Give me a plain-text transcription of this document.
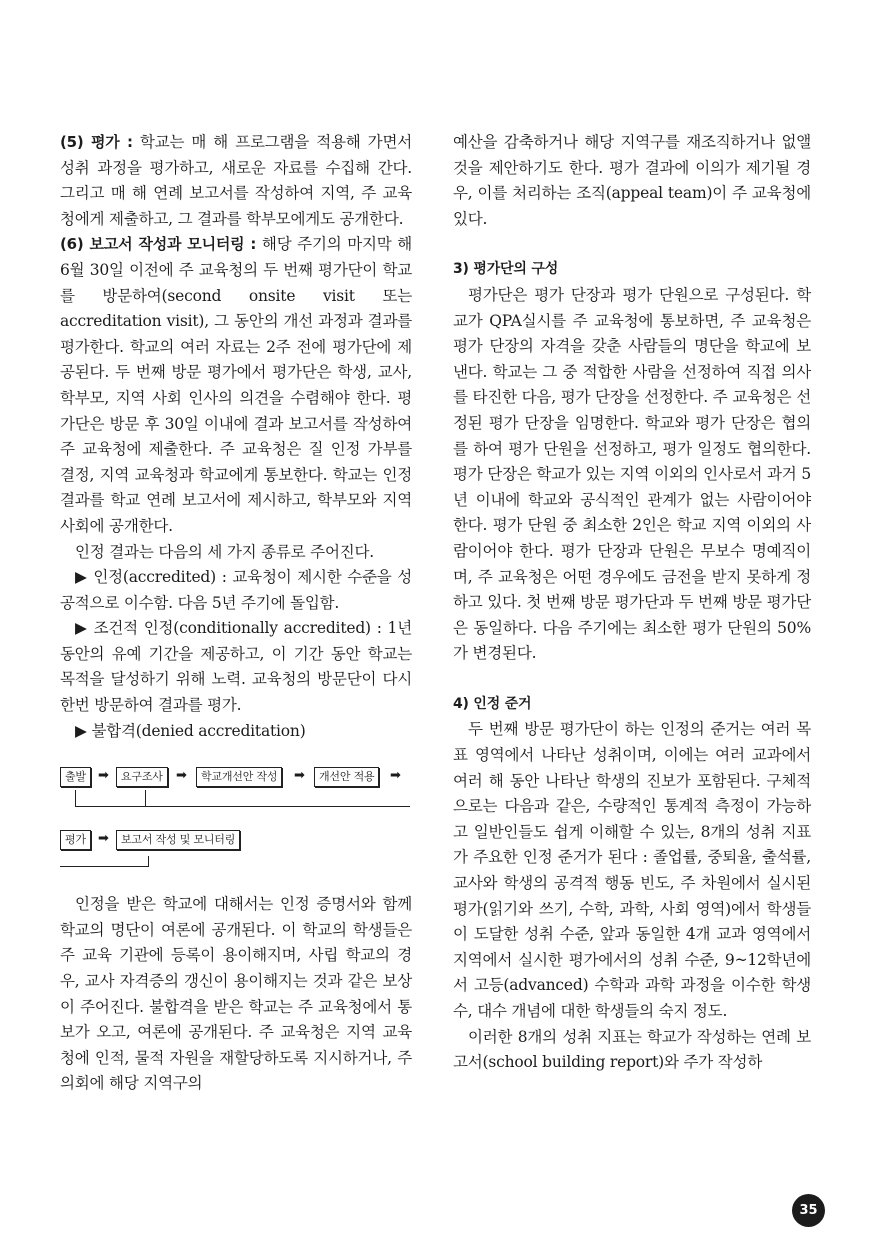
(5) 평가 : 학교는 매 해 프로그램을 적용해 가면서 성취 과정을 평가하고, 새로운 자료를 수집해 간다. 그리고 매 해 연례 보고서를 작성하여 지역, 주 교육청에게 제출하고, 그 결과를 학부모에게도 공개한다.

(6) 보고서 작성과 모니터링 : 해당 주기의 마지막 해 6월 30일 이전에 주 교육청의 두 번째 평가단이 학교를 방문하여(second onsite visit 또는 accreditation visit), 그 동안의 개선 과정과 결과를 평가한다. 학교의 여러 자료는 2주 전에 평가단에 제공된다. 두 번째 방문 평가에서 평가단은 학생, 교사, 학부모, 지역 사회 인사의 의견을 수렴해야 한다. 평가단은 방문 후 30일 이내에 결과 보고서를 작성하여 주 교육청에 제출한다. 주 교육청은 질 인정 가부를 결정, 지역 교육청과 학교에게 통보한다. 학교는 인정 결과를 학교 연례 보고서에 제시하고, 학부모와 지역 사회에 공개한다.

인정 결과는 다음의 세 가지 종류로 주어진다.

▶ 인정(accredited) : 교육청이 제시한 수준을 성공적으로 이수함. 다음 5년 주기에 돌입함.

▶ 조건적 인정(conditionally accredited) : 1년 동안의 유예 기간을 제공하고, 이 기간 동안 학교는 목적을 달성하기 위해 노력. 교육청의 방문단이 다시 한번 방문하여 결과를 평가.

▶ 불합격(denied accreditation)

출발 ➡	요구조사	➡	학교개선안 작성	➡	개선안 적용	➡
평가 ➡	보고서 작성 및 모니터링

인정을 받은 학교에 대해서는 인정 증명서와 함께 학교의 명단이 여론에 공개된다. 이 학교의 학생들은 주 교육 기관에 등록이 용이해지며, 사립 학교의 경우, 교사 자격증의 갱신이 용이해지는 것과 같은 보상이 주어진다. 불합격을 받은 학교는 주 교육청에서 통보가 오고, 여론에 공개된다. 주 교육청은 지역 교육청에 인적, 물적 자원을 재할당하도록 지시하거나, 주 의회에 해당 지역구의

예산을 감축하거나 해당 지역구를 재조직하거나 없앨 것을 제안하기도 한다. 평가 결과에 이의가 제기될 경우, 이를 처리하는 조직(appeal team)이 주 교육청에 있다.

3) 평가단의 구성

평가단은 평가 단장과 평가 단원으로 구성된다. 학교가 QPA실시를 주 교육청에 통보하면, 주 교육청은 평가 단장의 자격을 갖춘 사람들의 명단을 학교에 보낸다. 학교는 그 중 적합한 사람을 선정하여 직접 의사를 타진한 다음, 평가 단장을 선정한다. 주 교육청은 선정된 평가 단장을 임명한다. 학교와 평가 단장은 협의를 하여 평가 단원을 선정하고, 평가 일정도 협의한다. 평가 단장은 학교가 있는 지역 이외의 인사로서 과거 5년 이내에 학교와 공식적인 관계가 없는 사람이어야 한다. 평가 단원 중 최소한 2인은 학교 지역 이외의 사람이어야 한다. 평가 단장과 단원은 무보수 명예직이며, 주 교육청은 어떤 경우에도 금전을 받지 못하게 정하고 있다. 첫 번째 방문 평가단과 두 번째 방문 평가단은 동일하다. 다음 주기에는 최소한 평가 단원의 50%가 변경된다.

4) 인정 준거

두 번째 방문 평가단이 하는 인정의 준거는 여러 목표 영역에서 나타난 성취이며, 이에는 여러 교과에서 여러 해 동안 나타난 학생의 진보가 포함된다. 구체적으로는 다음과 같은, 수량적인 통계적 측정이 가능하고 일반인들도 쉽게 이해할 수 있는, 8개의 성취 지표가 주요한 인정 준거가 된다 : 졸업률, 중퇴율, 출석률, 교사와 학생의 공격적 행동 빈도, 주 차원에서 실시된 평가(읽기와 쓰기, 수학, 과학, 사회 영역)에서 학생들이 도달한 성취 수준, 앞과 동일한 4개 교과 영역에서 지역에서 실시한 평가에서의 성취 수준, 9~12학년에서 고등(advanced) 수학과 과학 과정을 이수한 학생 수, 대수 개념에 대한 학생들의 숙지 정도.

이러한 8개의 성취 지표는 학교가 작성하는 연례 보고서(school building report)와 주가 작성하

35
